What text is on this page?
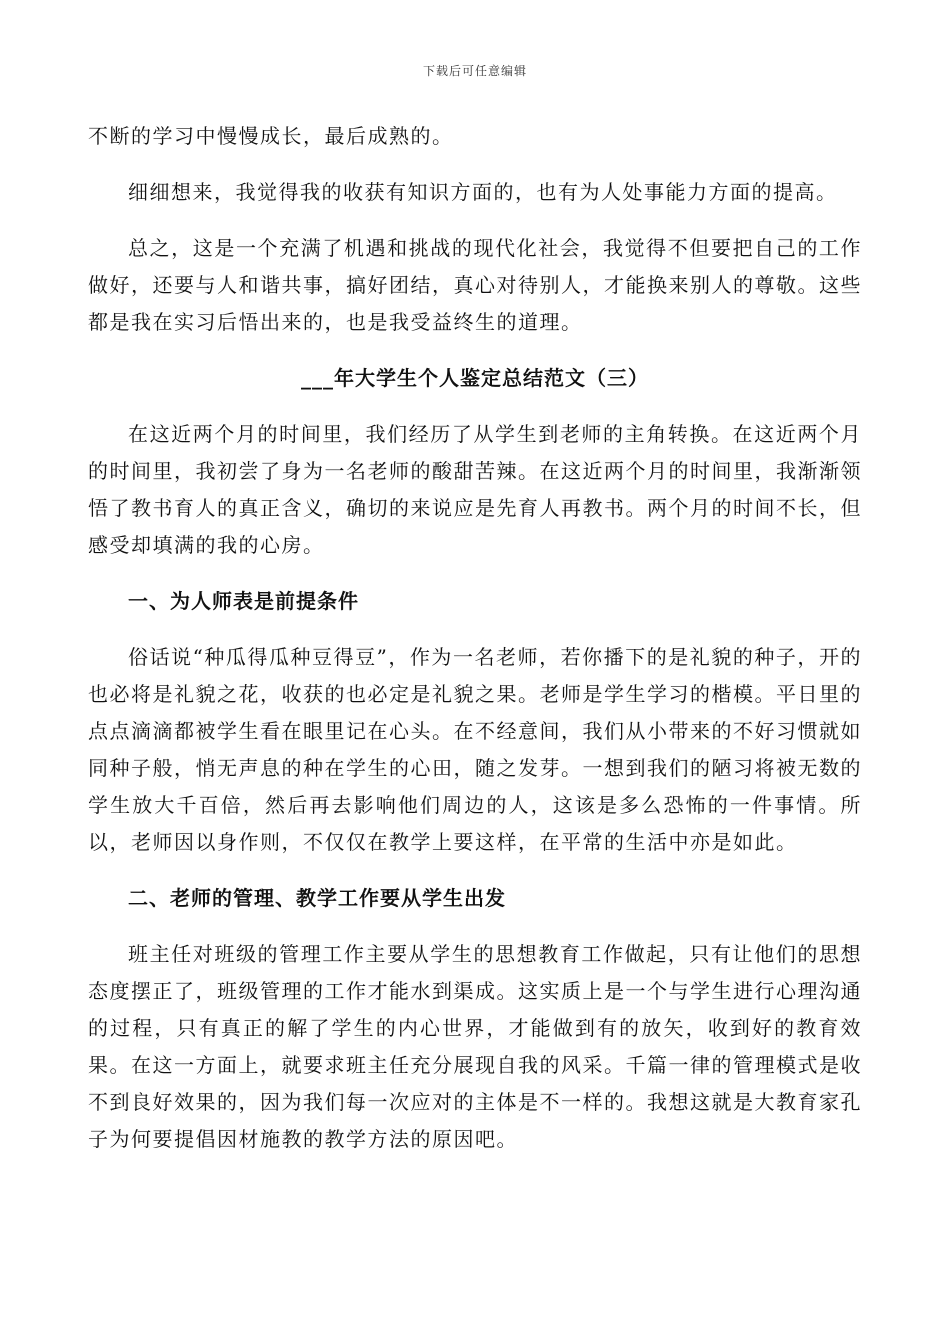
下载后可任意编辑

不断的学习中慢慢成长，最后成熟的。

细细想来，我觉得我的收获有知识方面的，也有为人处事能力方面的提高。

总之，这是一个充满了机遇和挑战的现代化社会，我觉得不但要把自己的工作做好，还要与人和谐共事，搞好团结，真心对待别人，才能换来别人的尊敬。这些都是我在实习后悟出来的，也是我受益终生的道理。

___年大学生个人鉴定总结范文（三）

在这近两个月的时间里，我们经历了从学生到老师的主角转换。在这近两个月的时间里，我初尝了身为一名老师的酸甜苦辣。在这近两个月的时间里，我渐渐领悟了教书育人的真正含义，确切的来说应是先育人再教书。两个月的时间不长，但感受却填满的我的心房。

一、为人师表是前提条件

俗话说“种瓜得瓜种豆得豆”，作为一名老师，若你播下的是礼貌的种子，开的也必将是礼貌之花，收获的也必定是礼貌之果。老师是学生学习的楷模。平日里的点点滴滴都被学生看在眼里记在心头。在不经意间，我们从小带来的不好习惯就如同种子般，悄无声息的种在学生的心田，随之发芽。一想到我们的陋习将被无数的学生放大千百倍，然后再去影响他们周边的人，这该是多么恐怖的一件事情。所以，老师因以身作则，不仅仅在教学上要这样，在平常的生活中亦是如此。

二、老师的管理、教学工作要从学生出发

班主任对班级的管理工作主要从学生的思想教育工作做起，只有让他们的思想态度摆正了，班级管理的工作才能水到渠成。这实质上是一个与学生进行心理沟通的过程，只有真正的解了学生的内心世界，才能做到有的放矢，收到好的教育效果。在这一方面上，就要求班主任充分展现自我的风采。千篇一律的管理模式是收不到良好效果的，因为我们每一次应对的主体是不一样的。我想这就是大教育家孔子为何要提倡因材施教的教学方法的原因吧。
